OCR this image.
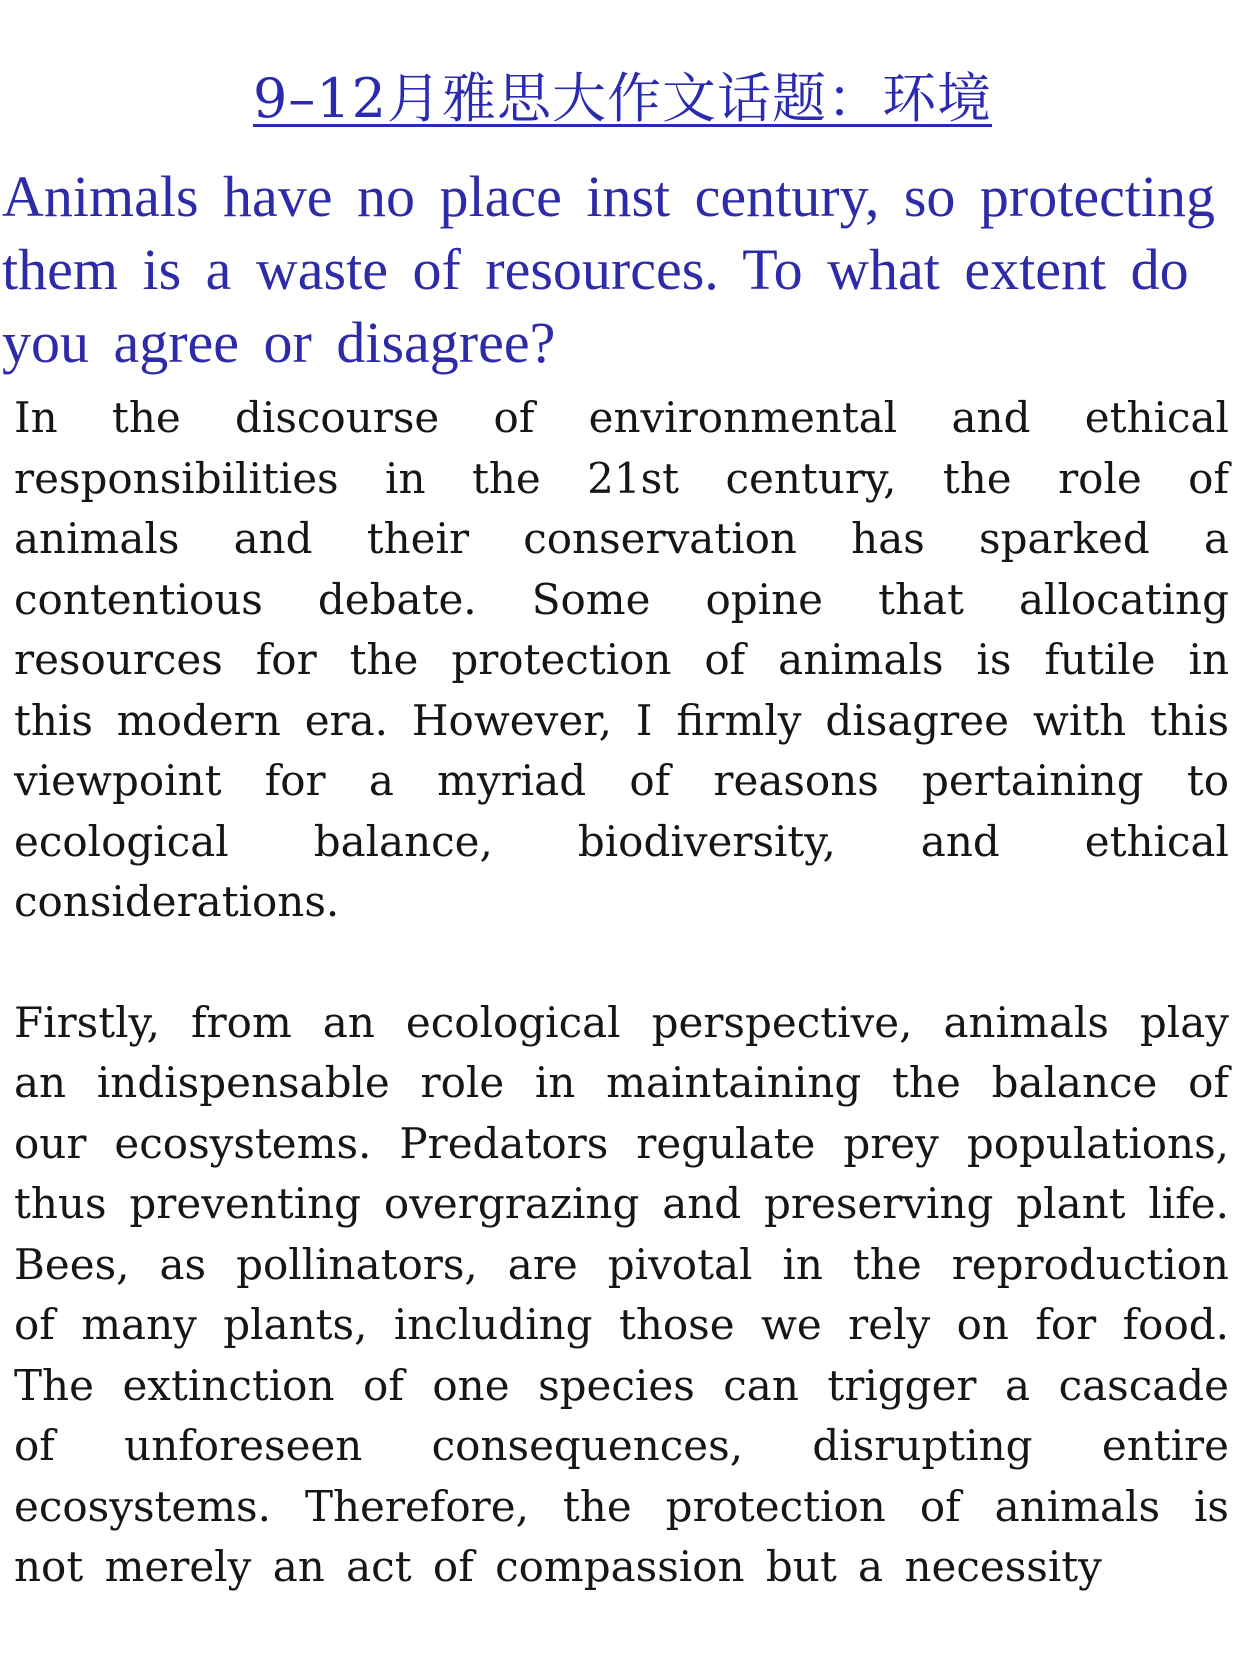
9–12月雅思大作文话题：环境

Animals have no place inst century, so protecting them is a waste of resources. To what extent do you agree or disagree?

In the discourse of environmental and ethical responsibilities in the 21st century, the role of animals and their conservation has sparked a contentious debate. Some opine that allocating resources for the protection of animals is futile in this modern era. However, I firmly disagree with this viewpoint for a myriad of reasons pertaining to ecological balance, biodiversity, and ethical considerations.

Firstly, from an ecological perspective, animals play an indispensable role in maintaining the balance of our ecosystems. Predators regulate prey populations, thus preventing overgrazing and preserving plant life. Bees, as pollinators, are pivotal in the reproduction of many plants, including those we rely on for food. The extinction of one species can trigger a cascade of unforeseen consequences, disrupting entire ecosystems. Therefore, the protection of animals is not merely an act of compassion but a necessity
